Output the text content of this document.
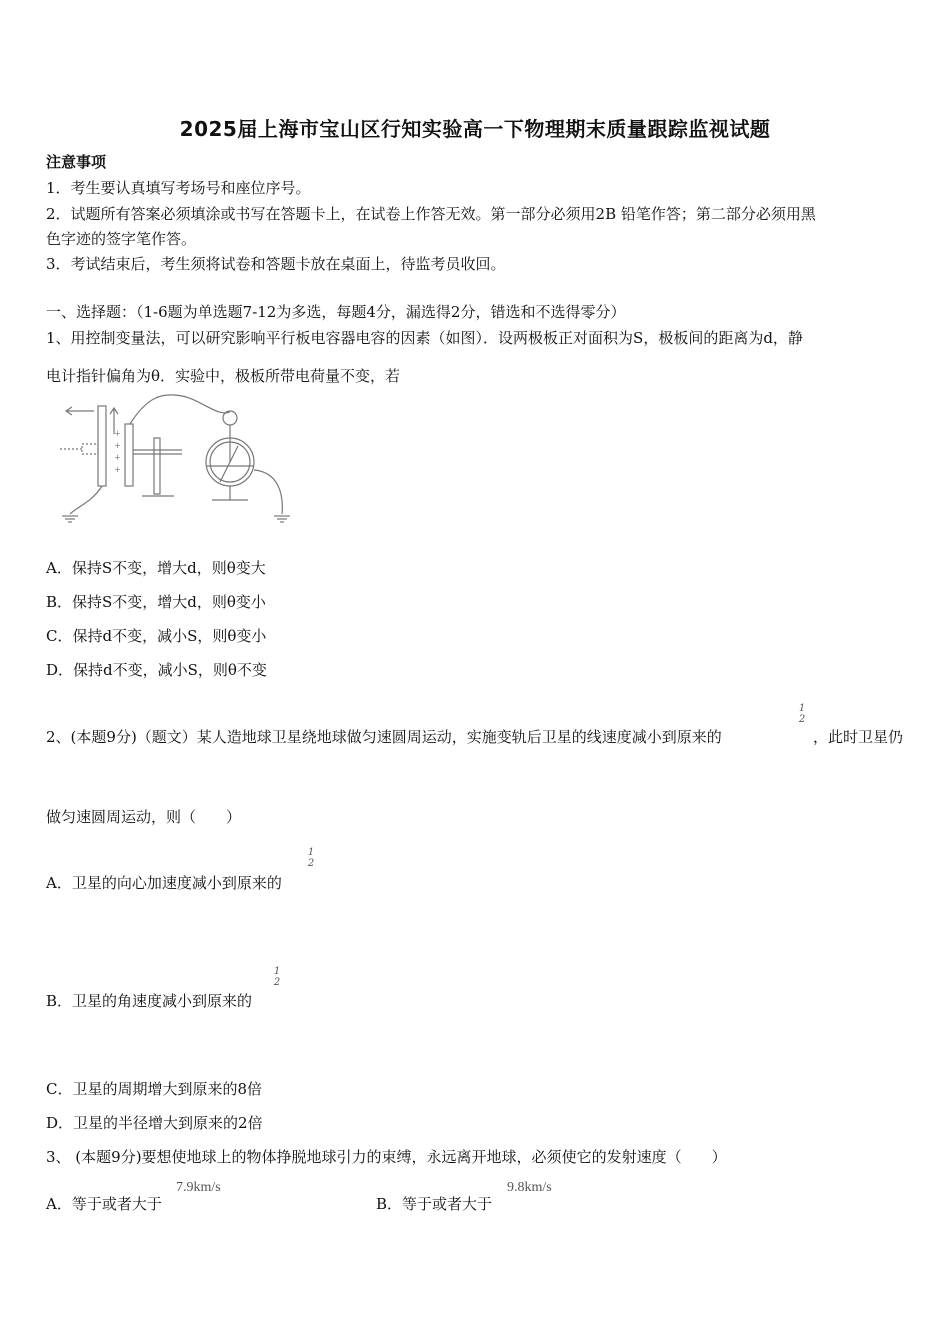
2025届上海市宝山区行知实验高一下物理期末质量跟踪监视试题
注意事项
1．考生要认真填写考场号和座位序号。
2．试题所有答案必须填涂或书写在答题卡上，在试卷上作答无效。第一部分必须用2B 铅笔作答；第二部分必须用黑
色字迹的签字笔作答。
3．考试结束后，考生须将试卷和答题卡放在桌面上，待监考员收回。
一、选择题：（1-6题为单选题7-12为多选，每题4分，漏选得2分，错选和不选得零分）
1、用控制变量法，可以研究影响平行板电容器电容的因素（如图）．设两极板正对面积为S，极板间的距离为d，静
电计指针偏角为θ．实验中，极板所带电荷量不变，若
+
+
+
+
A．保持S不变，增大d，则θ变大
B．保持S不变，增大d，则θ变小
C．保持d不变，减小S，则θ变小
D．保持d不变，减小S，则θ不变
2、(本题9分)（题文）某人造地球卫星绕地球做匀速圆周运动，实施变轨后卫星的线速度减小到原来的
1
2
，此时卫星仍
做匀速圆周运动，则（　　）
A．卫星的向心加速度减小到原来的
1
2
B．卫星的角速度减小到原来的
1
2
C．卫星的周期增大到原来的8倍
D．卫星的半径增大到原来的2倍
3、 (本题9分)要想使地球上的物体挣脱地球引力的束缚，永远离开地球，必须使它的发射速度（　　）
A．等于或者大于
7.9km/s
B．等于或者大于
9.8km/s
